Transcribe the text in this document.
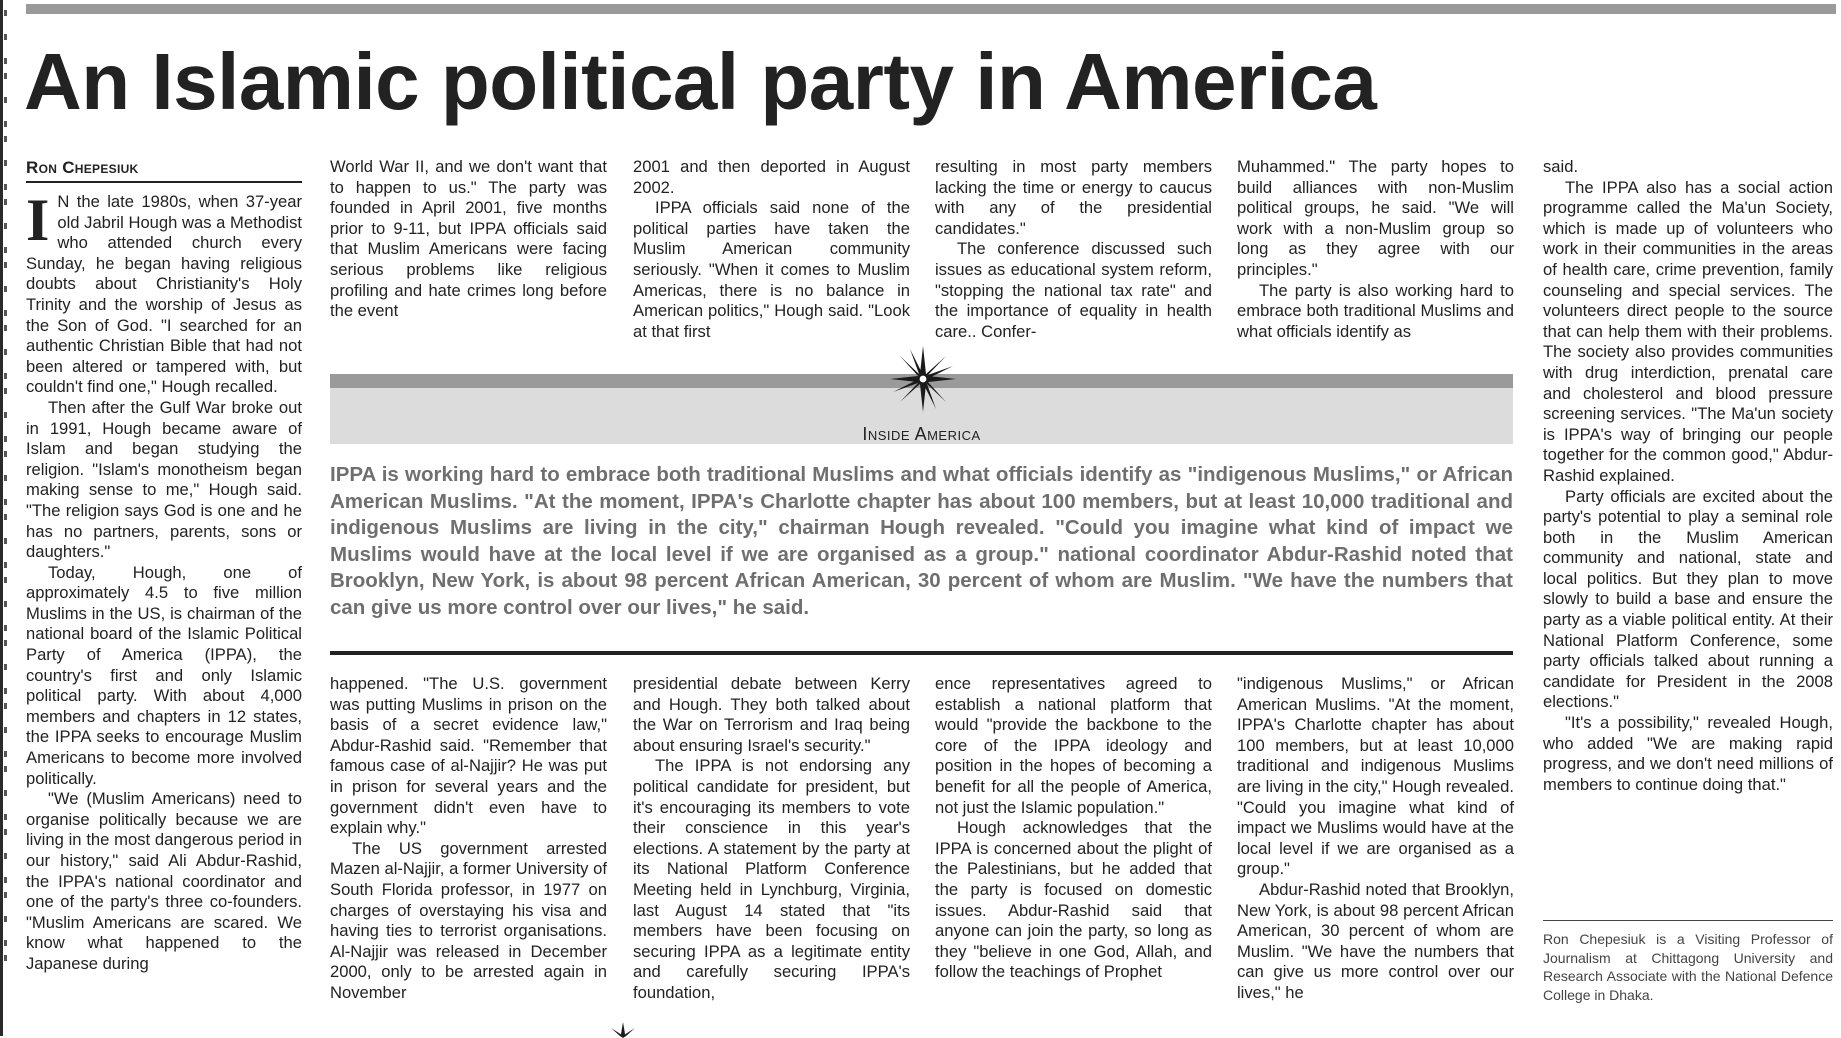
An Islamic political party in America
Ron Chepesiuk

I N the late 1980s, when 37-year old Jabril Hough was a Methodist who attended church every Sunday, he began having religious doubts about Christianity's Holy Trinity and the worship of Jesus as the Son of God. "I searched for an authentic Christian Bible that had not been altered or tampered with, but couldn't find one," Hough recalled.

Then after the Gulf War broke out in 1991, Hough became aware of Islam and began studying the religion. "Islam's monotheism began making sense to me," Hough said. "The religion says God is one and he has no partners, parents, sons or daughters."

Today, Hough, one of approximately 4.5 to five million Muslims in the US, is chairman of the national board of the Islamic Political Party of America (IPPA), the country's first and only Islamic political party. With about 4,000 members and chapters in 12 states, the IPPA seeks to encourage Muslim Americans to become more involved politically.

"We (Muslim Americans) need to organise politically because we are living in the most dangerous period in our history," said Ali Abdur-Rashid, the IPPA's national coordinator and one of the party's three co-founders. "Muslim Americans are scared. We know what happened to the Japanese during

World War II, and we don't want that to happen to us." The party was founded in April 2001, five months prior to 9-11, but IPPA officials said that Muslim Americans were facing serious problems like religious profiling and hate crimes long before the event

2001 and then deported in August 2002.

IPPA officials said none of the political parties have taken the Muslim American community seriously. "When it comes to Muslim Americas, there is no balance in American politics," Hough said. "Look at that first

resulting in most party members lacking the time or energy to caucus with any of the presidential candidates."

The conference discussed such issues as educational system reform, "stopping the national tax rate" and the importance of equality in health care.. Confer-

Muhammed." The party hopes to build alliances with non-Muslim political groups, he said. "We will work with a non-Muslim group so long as they agree with our principles."

The party is also working hard to embrace both traditional Muslims and what officials identify as

Inside America
IPPA is working hard to embrace both traditional Muslims and what officials identify as "indigenous Muslims," or African American Muslims. "At the moment, IPPA's Charlotte chapter has about 100 members, but at least 10,000 traditional and indigenous Muslims are living in the city," chairman Hough revealed. "Could you imagine what kind of impact we Muslims would have at the local level if we are organised as a group." national coordinator Abdur-Rashid noted that Brooklyn, New York, is about 98 percent African American, 30 percent of whom are Muslim. "We have the numbers that can give us more control over our lives," he said.

happened. "The U.S. government was putting Muslims in prison on the basis of a secret evidence law," Abdur-Rashid said. "Remember that famous case of al-Najjir? He was put in prison for several years and the government didn't even have to explain why."

The US government arrested Mazen al-Najjir, a former University of South Florida professor, in 1977 on charges of overstaying his visa and having ties to terrorist organisations. Al-Najjir was released in December 2000, only to be arrested again in November

presidential debate between Kerry and Hough. They both talked about the War on Terrorism and Iraq being about ensuring Israel's security."

The IPPA is not endorsing any political candidate for president, but it's encouraging its members to vote their conscience in this year's elections. A statement by the party at its National Platform Conference Meeting held in Lynchburg, Virginia, last August 14 stated that "its members have been focusing on securing IPPA as a legitimate entity and carefully securing IPPA's foundation,

ence representatives agreed to establish a national platform that would "provide the backbone to the core of the IPPA ideology and position in the hopes of becoming a benefit for all the people of America, not just the Islamic population."

Hough acknowledges that the IPPA is concerned about the plight of the Palestinians, but he added that the party is focused on domestic issues. Abdur-Rashid said that anyone can join the party, so long as they "believe in one God, Allah, and follow the teachings of Prophet

"indigenous Muslims," or African American Muslims. "At the moment, IPPA's Charlotte chapter has about 100 members, but at least 10,000 traditional and indigenous Muslims are living in the city," Hough revealed. "Could you imagine what kind of impact we Muslims would have at the local level if we are organised as a group."

Abdur-Rashid noted that Brooklyn, New York, is about 98 percent African American, 30 percent of whom are Muslim. "We have the numbers that can give us more control over our lives," he

said.

The IPPA also has a social action programme called the Ma'un Society, which is made up of volunteers who work in their communities in the areas of health care, crime prevention, family counseling and special services. The volunteers direct people to the source that can help them with their problems. The society also provides communities with drug interdiction, prenatal care and cholesterol and blood pressure screening services. "The Ma'un society is IPPA's way of bringing our people together for the common good," Abdur-Rashid explained.

Party officials are excited about the party's potential to play a seminal role both in the Muslim American community and national, state and local politics. But they plan to move slowly to build a base and ensure the party as a viable political entity. At their National Platform Conference, some party officials talked about running a candidate for President in the 2008 elections."

"It's a possibility," revealed Hough, who added "We are making rapid progress, and we don't need millions of members to continue doing that."

Ron Chepesiuk is a Visiting Professor of Journalism at Chittagong University and Research Associate with the National Defence College in Dhaka.
